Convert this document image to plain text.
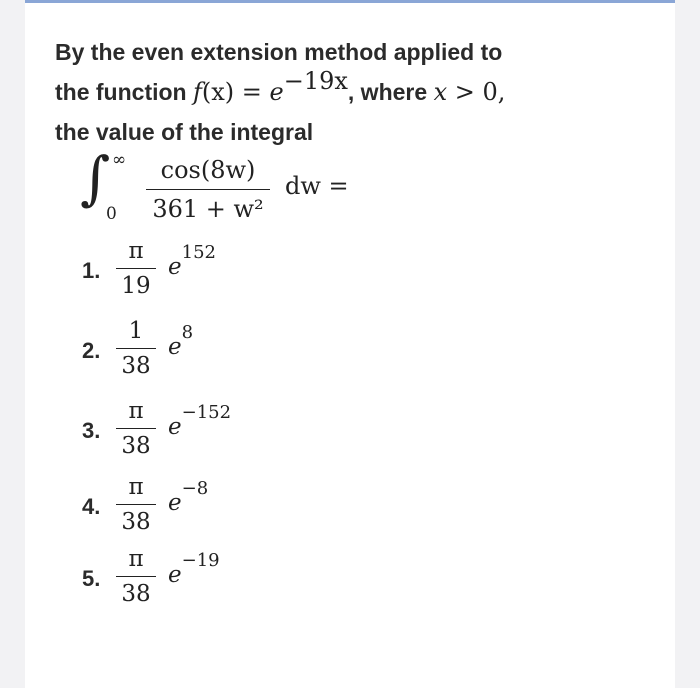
By the even extension method applied to
the function $f(x) = e^{-19x}$, where x > 0,
the value of the integral
∫ ∞
0
cos(8w)
361 + w²
dw =
1.
π
19
e152
2.
1
38
e8
3.
π
38
e−152
4.
π
38
e−8
5.
π
38
e−19
